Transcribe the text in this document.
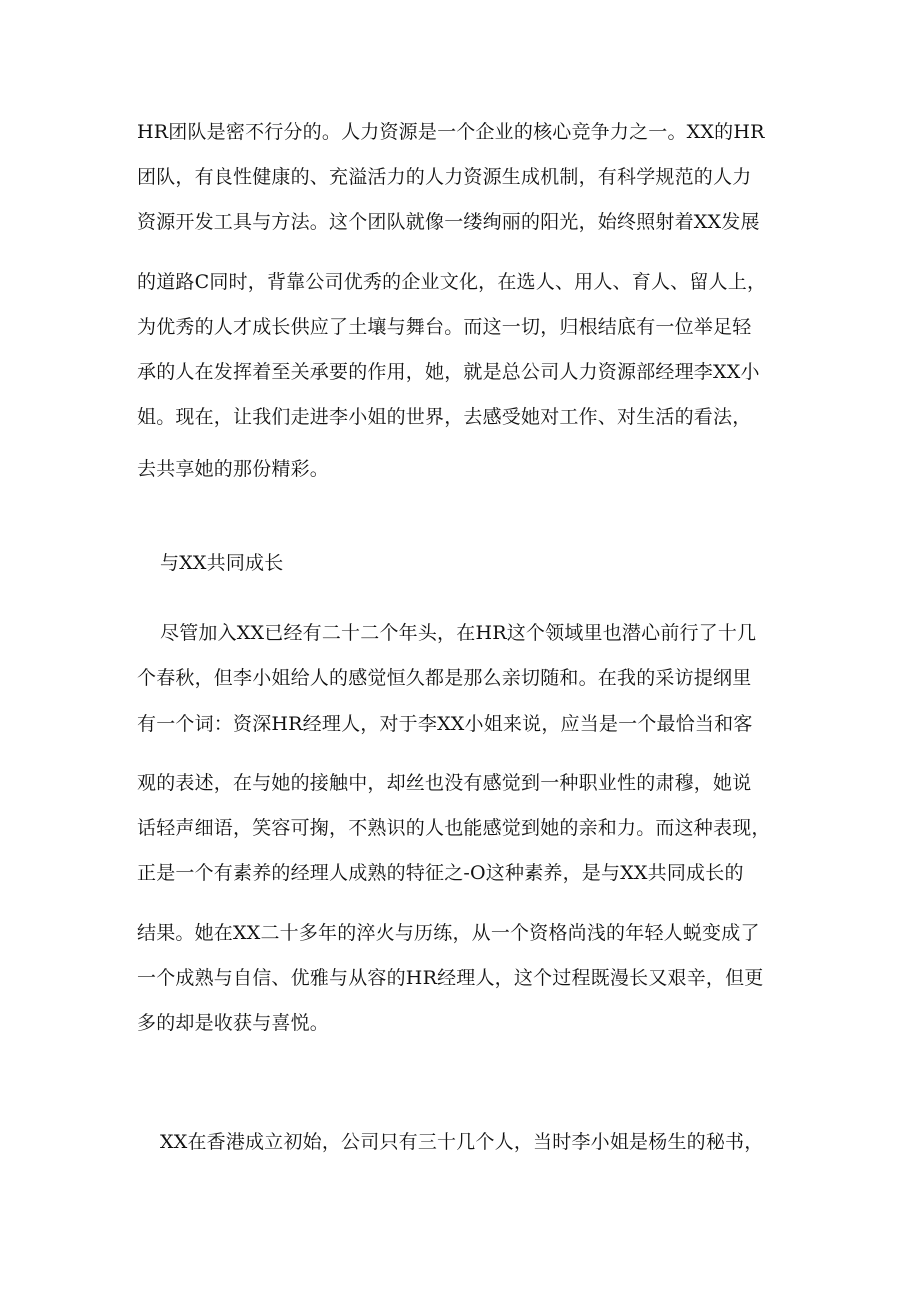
HR团队是密不行分的。人力资源是一个企业的核心竞争力之一。XX的HR
团队，有良性健康的、充溢活力的人力资源生成机制，有科学规范的人力
资源开发工具与方法。这个团队就像一缕绚丽的阳光，始终照射着XX发展
的道路C同时，背靠公司优秀的企业文化，在选人、用人、育人、留人上，
为优秀的人才成长供应了土壤与舞台。而这一切，归根结底有一位举足轻
承的人在发挥着至关承要的作用，她，就是总公司人力资源部经理李XX小
姐。现在，让我们走进李小姐的世界，去感受她对工作、对生活的看法，
去共享她的那份精彩。
与XX共同成长
尽管加入XX已经有二十二个年头，在HR这个领域里也潜心前行了十几
个春秋，但李小姐给人的感觉恒久都是那么亲切随和。在我的采访提纲里
有一个词：资深HR经理人，对于李XX小姐来说，应当是一个最恰当和客
观的表述，在与她的接触中，却丝也没有感觉到一种职业性的肃穆，她说
话轻声细语，笑容可掬，不熟识的人也能感觉到她的亲和力。而这种表现，
正是一个有素养的经理人成熟的特征之-O这种素养，是与XX共同成长的
结果。她在XX二十多年的淬火与历练，从一个资格尚浅的年轻人蜕变成了
一个成熟与自信、优雅与从容的HR经理人，这个过程既漫长又艰辛，但更
多的却是收获与喜悦。
XX在香港成立初始，公司只有三十几个人，当时李小姐是杨生的秘书，
